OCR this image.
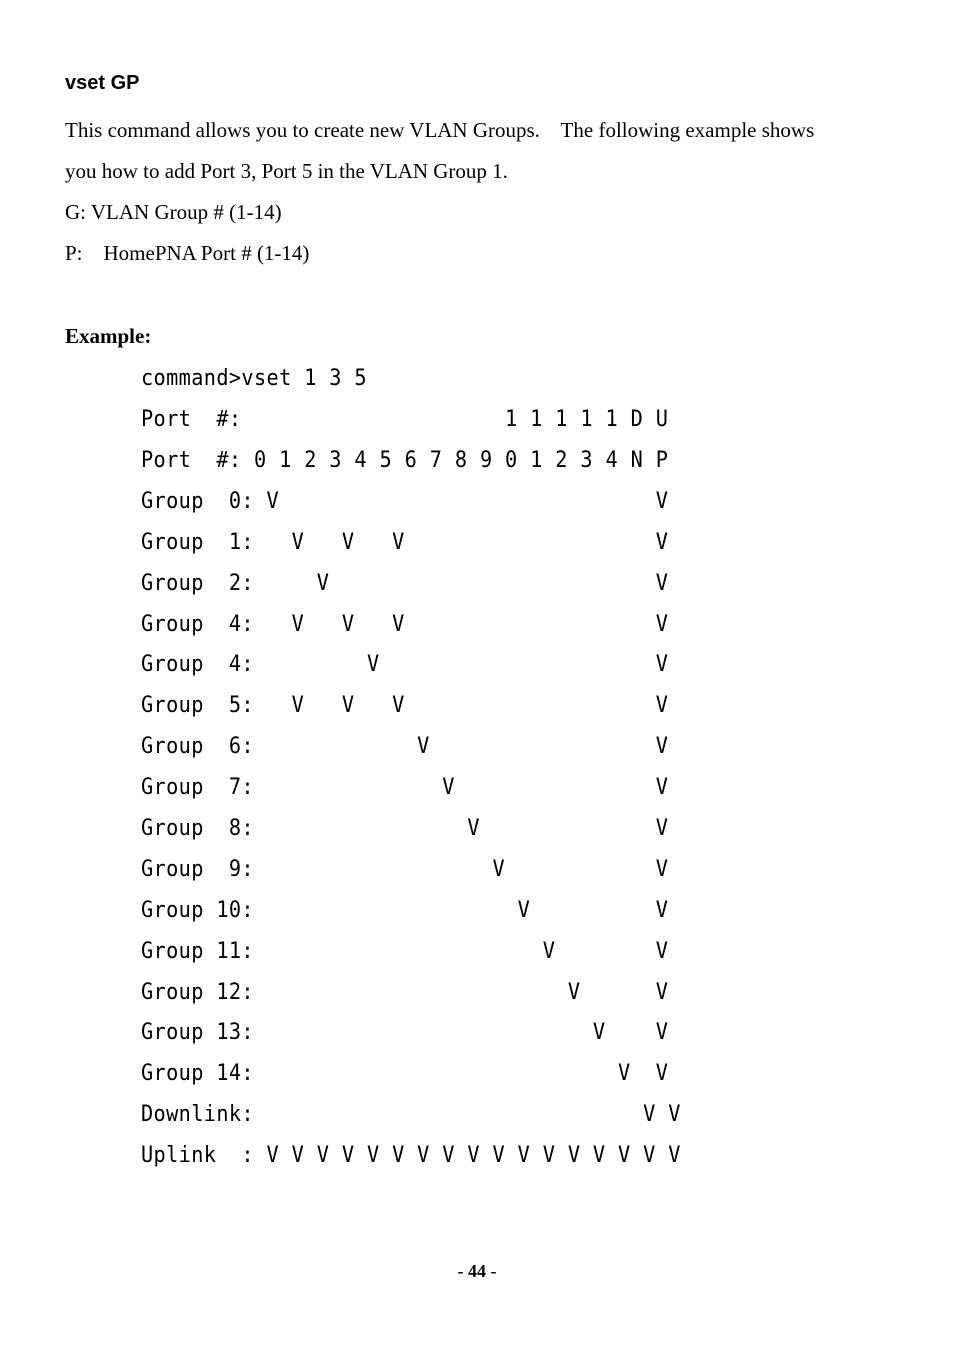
vset GP
This command allows you to create new VLAN Groups.    The following example shows
you how to add Port 3, Port 5 in the VLAN Group 1.
G: VLAN Group # (1-14)
P:    HomePNA Port # (1-14)
Example:
command>vset 1 3 5
Port  #:                     1 1 1 1 1 D U
Port  #: 0 1 2 3 4 5 6 7 8 9 0 1 2 3 4 N P
Group  0: V                              V
Group  1:   V   V   V                    V
Group  2:     V                          V
Group  4:   V   V   V                    V
Group  4:         V                      V
Group  5:   V   V   V                    V
Group  6:             V                  V
Group  7:               V                V
Group  8:                 V              V
Group  9:                   V            V
Group 10:                     V          V
Group 11:                       V        V
Group 12:                         V      V
Group 13:                           V    V
Group 14:                             V  V
Downlink:                               V V
Uplink  : V V V V V V V V V V V V V V V V V
- 44 -
